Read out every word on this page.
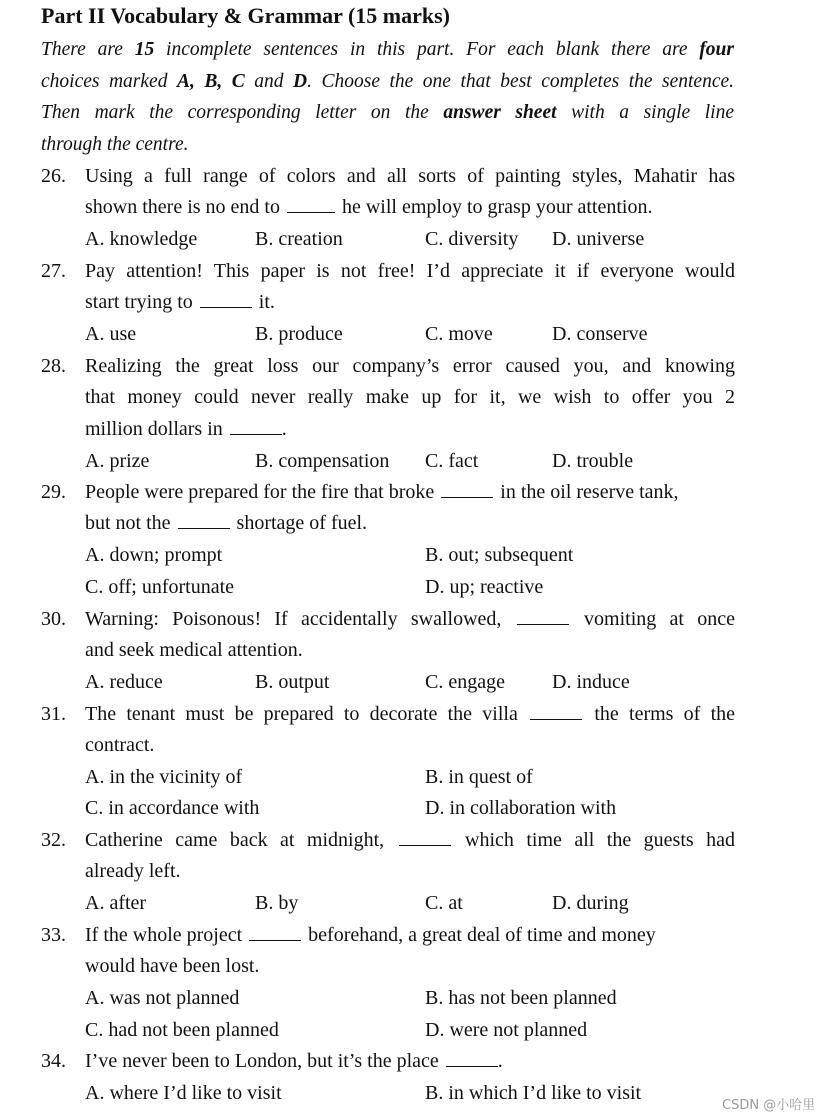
Part II Vocabulary & Grammar (15 marks)
There are 15 incomplete sentences in this part. For each blank there are four
choices marked A, B, C and D. Choose the one that best completes the sentence.
Then mark the corresponding letter on the answer sheet with a single line
through the centre.
26. Using a full range of colors and all sorts of painting styles, Mahatir has
shown there is no end to	he will employ to grasp your attention.
A. knowledge	B. creation	C. diversity D. universe
27. Pay attention! This paper is not free! I’d appreciate it if everyone would
start trying to	it.
A. use	B. produce	C. move	D. conserve
28. Realizing the great loss our company’s error caused you, and knowing
that money could never really make up for it, we wish to offer you 2
million dollars in	.
A. prize	B. compensation C. fact	D. trouble
29. People were prepared for the fire that broke	in the oil reserve tank,
but not the	shortage of fuel.
A. down; prompt	B. out; subsequent
C. off; unfortunate	D. up; reactive
30. Warning: Poisonous! If accidentally swallowed,	vomiting at once
and seek medical attention.
A. reduce	B. output	C. engage D. induce
31. The tenant must be prepared to decorate the villa	the terms of the
contract.
A. in the vicinity of	B. in quest of
C. in accordance with	D. in collaboration with
32. Catherine came back at midnight,	which time all the guests had
already left.
A. after	B. by	C. at	D. during
33. If the whole project	beforehand, a great deal of time and money
would have been lost.
A. was not planned	B. has not been planned
C. had not been planned	D. were not planned
34. I’ve never been to London, but it’s the place	.
A. where I’d like to visit	B. in which I’d like to visit
CSDN @小哈里
